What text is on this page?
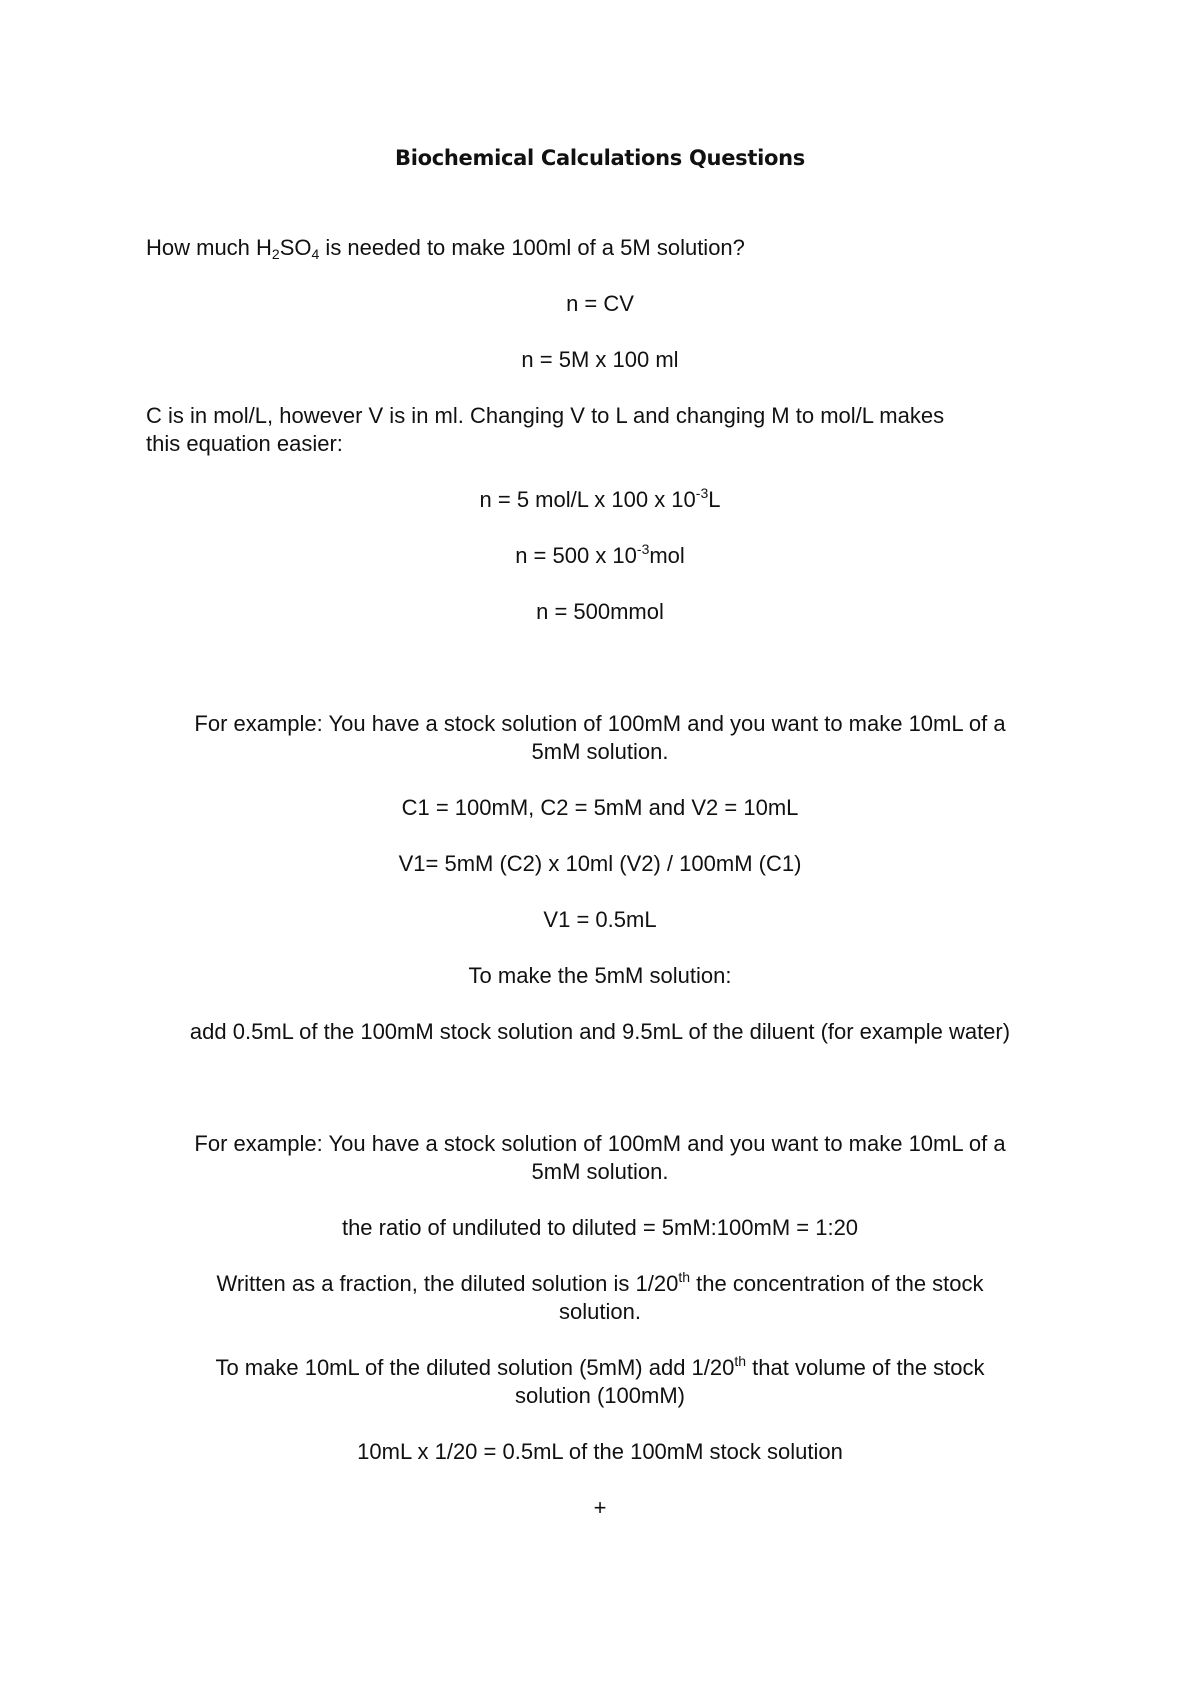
Biochemical Calculations Questions
How much $H_2SO_4$ is needed to make 100ml of a 5M solution?
n = CV
n = 5M x 100 ml
C is in mol/L, however V is in ml. Changing V to L and changing M to mol/L makes
this equation easier:
n = 5 mol/L x 100 x $10^{-3}L$
n = 500 x $10^{-3}mol$
n = 500mmol
For example: You have a stock solution of 100mM and you want to make 10mL of a
5mM solution.
C1 = 100mM, C2 = 5mM and V2 = 10mL
V1= 5mM (C2) x 10ml (V2) / 100mM (C1)
V1 = 0.5mL
To make the 5mM solution:
add 0.5mL of the 100mM stock solution and 9.5mL of the diluent (for example water)
For example: You have a stock solution of 100mM and you want to make 10mL of a
5mM solution.
the ratio of undiluted to diluted = 5mM:100mM = 1:20
Written as a fraction, the diluted solution is 1/20th the concentration of the stock
solution.
To make 10mL of the diluted solution (5mM) add 1/20th that volume of the stock
solution (100mM)
10mL x 1/20 = 0.5mL of the 100mM stock solution
+
